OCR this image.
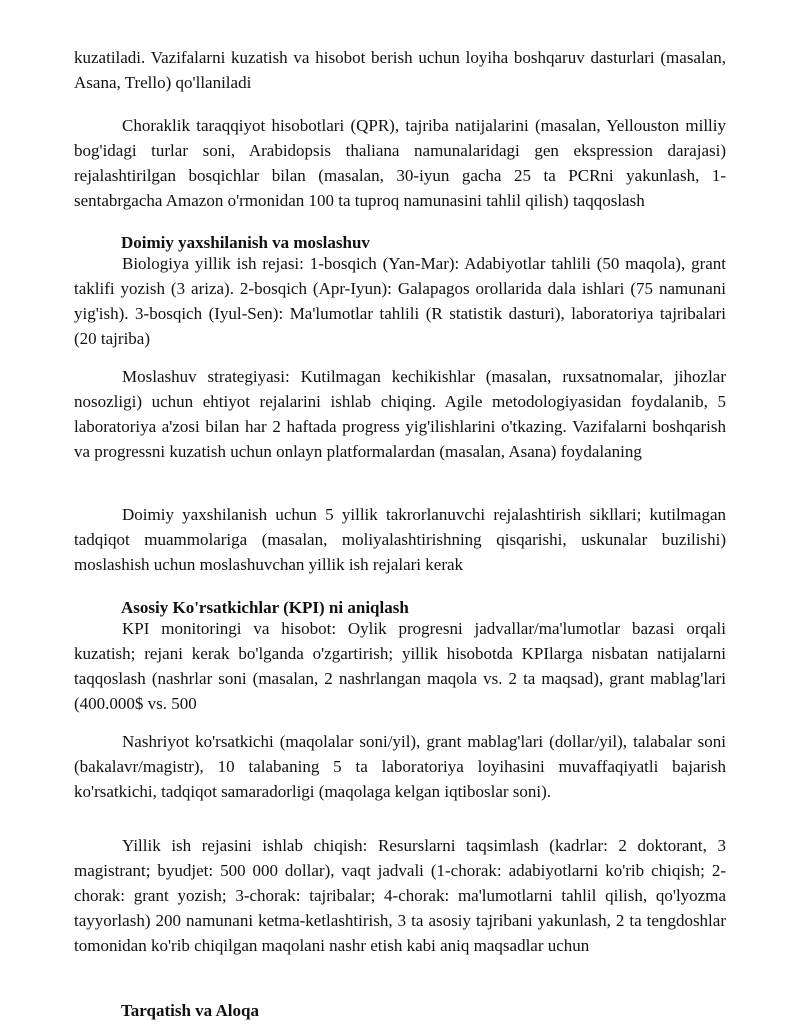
kuzatiladi. Vazifalarni kuzatish va hisobot berish uchun loyiha boshqaruv dasturlari (masalan, Asana, Trello) qo'llaniladi

Choraklik taraqqiyot hisobotlari (QPR), tajriba natijalarini (masalan, Yellouston milliy bog'idagi turlar soni, Arabidopsis thaliana namunalaridagi gen ekspression darajasi) rejalashtirilgan bosqichlar bilan (masalan, 30-iyun gacha 25 ta PCRni yakunlash, 1-sentabrgacha Amazon o'rmonidan 100 ta tuproq namunasini tahlil qilish) taqqoslash

Doimiy yaxshilanish va moslashuv

Biologiya yillik ish rejasi: 1-bosqich (Yan-Mar): Adabiyotlar tahlili (50 maqola), grant taklifi yozish (3 ariza). 2-bosqich (Apr-Iyun): Galapagos orollarida dala ishlari (75 namunani yig'ish). 3-bosqich (Iyul-Sen): Ma'lumotlar tahlili (R statistik dasturi), laboratoriya tajribalari (20 tajriba)

Moslashuv strategiyasi: Kutilmagan kechikishlar (masalan, ruxsatnomalar, jihozlar nosozligi) uchun ehtiyot rejalarini ishlab chiqing. Agile metodologiyasidan foydalanib, 5 laboratoriya a'zosi bilan har 2 haftada progress yig'ilishlarini o'tkazing. Vazifalarni boshqarish va progressni kuzatish uchun onlayn platformalardan (masalan, Asana) foydalaning

Doimiy yaxshilanish uchun 5 yillik takrorlanuvchi rejalashtirish sikllari; kutilmagan tadqiqot muammolariga (masalan, moliyalashtirishning qisqarishi, uskunalar buzilishi) moslashish uchun moslashuvchan yillik ish rejalari kerak

Asosiy Ko'rsatkichlar (KPI) ni aniqlash

KPI monitoringi va hisobot: Oylik progresni jadvallar/ma'lumotlar bazasi orqali kuzatish; rejani kerak bo'lganda o'zgartirish; yillik hisobotda KPIlarga nisbatan natijalarni taqqoslash (nashrlar soni (masalan, 2 nashrlangan maqola vs. 2 ta maqsad), grant mablag'lari (400.000$ vs. 500

Nashriyot ko'rsatkichi (maqolalar soni/yil), grant mablag'lari (dollar/yil), talabalar soni (bakalavr/magistr), 10 talabaning 5 ta laboratoriya loyihasini muvaffaqiyatli bajarish ko'rsatkichi, tadqiqot samaradorligi (maqolaga kelgan iqtiboslar soni).

Yillik ish rejasini ishlab chiqish: Resurslarni taqsimlash (kadrlar: 2 doktorant, 3 magistrant; byudjet: 500 000 dollar), vaqt jadvali (1-chorak: adabiyotlarni ko'rib chiqish; 2-chorak: grant yozish; 3-chorak: tajribalar; 4-chorak: ma'lumotlarni tahlil qilish, qo'lyozma tayyorlash) 200 namunani ketma-ketlashtirish, 3 ta asosiy tajribani yakunlash, 2 ta tengdoshlar tomonidan ko'rib chiqilgan maqolani nashr etish kabi aniq maqsadlar uchun

Tarqatish va Aloqa
